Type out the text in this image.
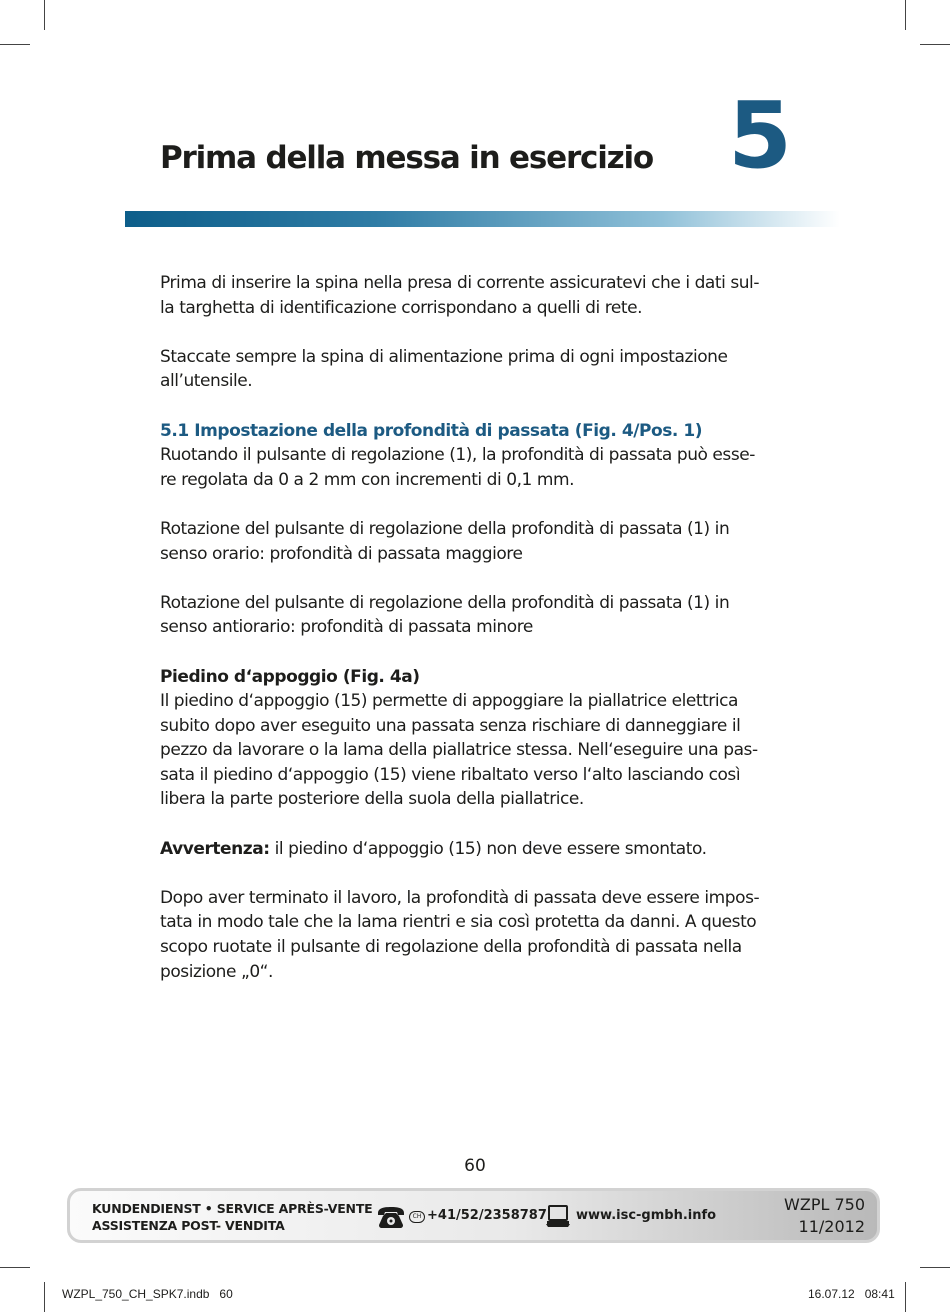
Prima della messa in esercizio 5
Prima di inserire la spina nella presa di corrente assicuratevi che i dati sul-
la targhetta di identificazione corrispondano a quelli di rete.
Staccate sempre la spina di alimentazione prima di ogni impostazione
all’utensile.
5.1 Impostazione della profondità di passata (Fig. 4/Pos. 1)
Ruotando il pulsante di regolazione (1), la profondità di passata può esse-
re regolata da 0 a 2 mm con incrementi di 0,1 mm.
Rotazione del pulsante di regolazione della profondità di passata (1) in
senso orario: profondità di passata maggiore
Rotazione del pulsante di regolazione della profondità di passata (1) in
senso antiorario: profondità di passata minore
Piedino d‘appoggio (Fig. 4a)
Il piedino d‘appoggio (15) permette di appoggiare la piallatrice elettrica
subito dopo aver eseguito una passata senza rischiare di danneggiare il
pezzo da lavorare o la lama della piallatrice stessa. Nell‘eseguire una pas-
sata il piedino d‘appoggio (15) viene ribaltato verso l‘alto lasciando così
libera la parte posteriore della suola della piallatrice.
Avvertenza: il piedino d‘appoggio (15) non deve essere smontato.
Dopo aver terminato il lavoro, la profondità di passata deve essere impos-
tata in modo tale che la lama rientri e sia così protetta da danni. A questo
scopo ruotate il pulsante di regolazione della profondità di passata nella
posizione „0“.
60
KUNDENDIENST • SERVICE APRÈS-VENTE
ASSISTENZA POST- VENDITA
CH +41/52/2358787 www.isc-gmbh.info
WZPL 750
11/2012
WZPL_750_CH_SPK7.indb   60	16.07.12   08:41
